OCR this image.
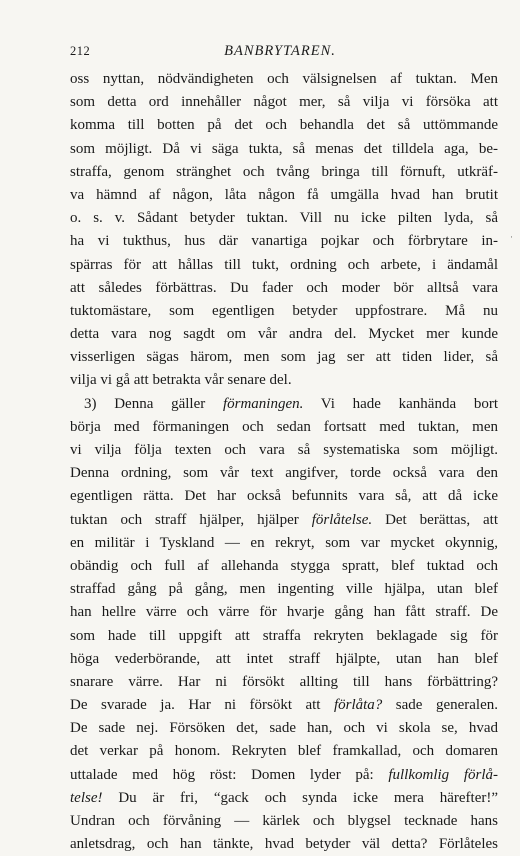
212	BANBRYTAREN.
oss nyttan, nödvändigheten och välsignelsen af tuktan. Men
som detta ord innehåller något mer, så vilja vi försöka att
komma till botten på det och behandla det så uttömmande
som möjligt. Då vi säga tukta, så menas det tilldela aga, be-
straffa, genom stränghet och tvång bringa till förnuft, utkräf-
va hämnd af någon, låta någon få umgälla hvad han brutit
o. s. v. Sådant betyder tuktan. Vill nu icke pilten lyda, så
ha vi tukthus, hus där vanartiga pojkar och förbrytare in-
spärras för att hållas till tukt, ordning och arbete, i ändamål
att således förbättras. Du fader och moder bör alltså vara
tuktomästare, som egentligen betyder uppfostrare. Må nu
detta vara nog sagdt om vår andra del. Mycket mer kunde
visserligen sägas härom, men som jag ser att tiden lider, så
vilja vi gå att betrakta vår senare del.
3) Denna gäller förmaningen. Vi hade kanhända bort
börja med förmaningen och sedan fortsatt med tuktan, men
vi vilja följa texten och vara så systematiska som möjligt.
Denna ordning, som vår text angifver, torde också vara den
egentligen rätta. Det har också befunnits vara så, att då icke
tuktan och straff hjälper, hjälper förlåtelse. Det berättas, att
en militär i Tyskland — en rekryt, som var mycket okynnig,
obändig och full af allehanda stygga spratt, blef tuktad och
straffad gång på gång, men ingenting ville hjälpa, utan blef
han hellre värre och värre för hvarje gång han fått straff. De
som hade till uppgift att straffa rekryten beklagade sig för
höga vederbörande, att intet straff hjälpte, utan han blef
snarare värre. Har ni försökt allting till hans förbättring?
De svarade ja. Har ni försökt att förlåta? sade generalen.
De sade nej. Försöken det, sade han, och vi skola se, hvad
det verkar på honom. Rekryten blef framkallad, och domaren
uttalade med hög röst: Domen lyder på: fullkomlig förlå-
telse! Du är fri, “gack och synda icke mera härefter!”
Undran och förvåning — kärlek och blygsel tecknade hans
anletsdrag, och han tänkte, hvad betyder väl detta? Förlåteles
·
